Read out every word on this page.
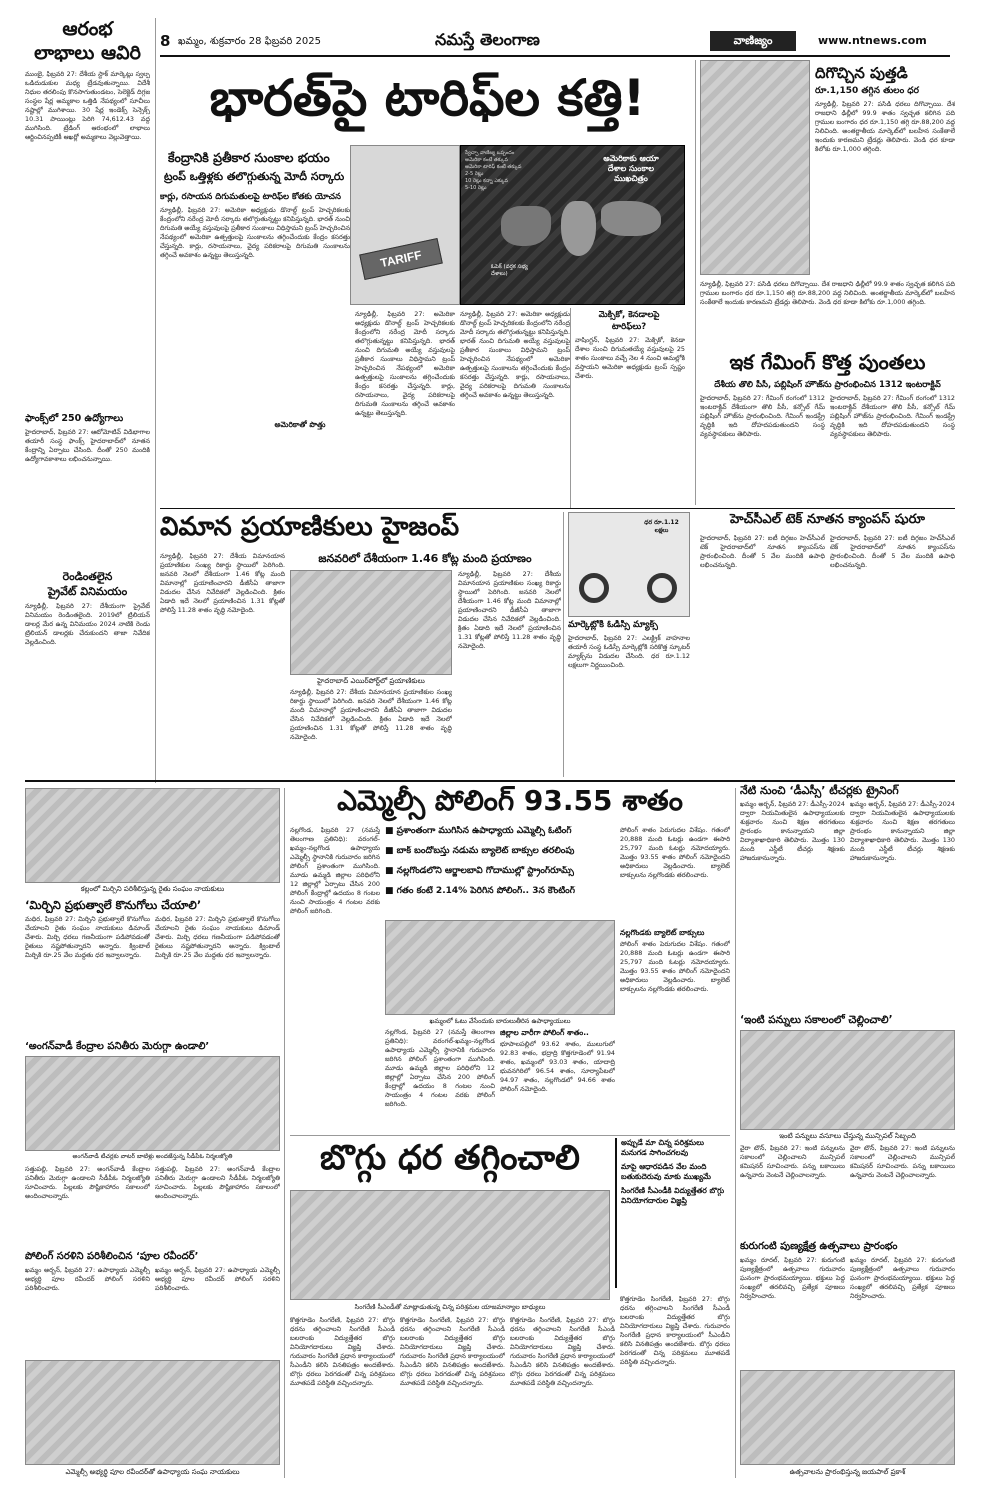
8 ఖమ్మం, శుక్రవారం 28 ఫిబ్రవరి 2025	నమస్తే తెలంగాణ	వాణిజ్యం	www.ntnews.com
ఆరంభ
లాభాలు ఆవిరి
ముంబై, ఫిబ్రవరి 27: దేశీయ స్టాక్ మార్కెట్లు స్వల్ప ఒడిదుడుకుల మధ్య ట్రేడవుతున్నాయి. విదేశీ నిధుల తరలింపు కొనసాగుతుండటం, సెలెక్టెడ్ దిగ్గజ సంస్థల షేర్ల అమ్మకాల ఒత్తిడి నేపథ్యంలో సూచీలు నష్టాల్లో ముగిశాయి. 30 షేర్ల ఇండెక్స్ సెన్సెక్స్ 10.31 పాయింట్లు పెరిగి 74,612.43 వద్ద ముగిసింది. ట్రేడింగ్ ఆరంభంలో లాభాలు ఆర్జించినప్పటికీ ఆఖర్లో అమ్మకాలు వెల్లువెత్తాయి.
ఫాంక్స్‌లో 250 ఉద్యోగాలు
హైదరాబాద్, ఫిబ్రవరి 27: ఆటోమోటివ్ విడిభాగాల తయారీ సంస్థ ఫాంక్స్ హైదరాబాద్‌లో నూతన కేంద్రాన్ని ఏర్పాటు చేసింది. దీంతో 250 మందికి ఉద్యోగావకాశాలు లభించనున్నాయి.
రెండింతలైన
ప్రైవేట్ వినిమయం
న్యూఢిల్లీ, ఫిబ్రవరి 27: దేశీయంగా ప్రైవేట్ వినిమయం రెండింతలైంది. 2019లో ట్రిలియన్ డాలర్ల మేర ఉన్న వినిమయం 2024 నాటికి రెండు ట్రిలియన్ డాలర్లకు చేరుకుందని తాజా నివేదిక వెల్లడించింది.
భారత్‌పై టారిఫ్‌ల కత్తి!
కేంద్రానికి ప్రతీకార సుంకాల భయం
ట్రంప్ ఒత్తిళ్లకు తలొగ్గుతున్న మోదీ సర్కారు
కార్లు, రసాయన దిగుమతులపై టారిఫ్‌ల కోతకు యోచన
న్యూఢిల్లీ, ఫిబ్రవరి 27: అమెరికా అధ్యక్షుడు డొనాల్డ్ ట్రంప్ హెచ్చరికలకు కేంద్రంలోని నరేంద్ర మోదీ సర్కారు తలొగ్గుతున్నట్టు కనిపిస్తున్నది. భారత్ నుంచి దిగుమతి అయ్యే వస్తువులపై ప్రతీకార సుంకాలు విధిస్తామని ట్రంప్ హెచ్చరించిన నేపథ్యంలో అమెరికా ఉత్పత్తులపై సుంకాలను తగ్గించేందుకు కేంద్రం కసరత్తు చేస్తున్నది. కార్లు, రసాయనాలు, వైద్య పరికరాలపై దిగుమతి సుంకాలను తగ్గించే అవకాశం ఉన్నట్టు తెలుస్తున్నది.	TARIFF
అమెరికాకు ఆయా
దేశాల సుంకాల
ముఖచిత్రం
స్వేచ్ఛా వాణిజ్య ఒప్పందం
అమెరికా కంటే తక్కువ
అమెరికా టారిఫ్ కంటే తక్కువ
2-5 రెట్లు
10 రెట్లు కన్నా ఎక్కువ
5-10 రెట్లు
ఓపెక్ (వర్తక సభ్య దేశాలు)
న్యూఢిల్లీ, ఫిబ్రవరి 27: అమెరికా అధ్యక్షుడు డొనాల్డ్ ట్రంప్ హెచ్చరికలకు కేంద్రంలోని నరేంద్ర మోదీ సర్కారు తలొగ్గుతున్నట్టు కనిపిస్తున్నది. భారత్ నుంచి దిగుమతి అయ్యే వస్తువులపై ప్రతీకార సుంకాలు విధిస్తామని ట్రంప్ హెచ్చరించిన నేపథ్యంలో అమెరికా ఉత్పత్తులపై సుంకాలను తగ్గించేందుకు కేంద్రం కసరత్తు చేస్తున్నది. కార్లు, రసాయనాలు, వైద్య పరికరాలపై దిగుమతి సుంకాలను తగ్గించే అవకాశం ఉన్నట్టు తెలుస్తున్నది.
న్యూఢిల్లీ, ఫిబ్రవరి 27: అమెరికా అధ్యక్షుడు డొనాల్డ్ ట్రంప్ హెచ్చరికలకు కేంద్రంలోని నరేంద్ర మోదీ సర్కారు తలొగ్గుతున్నట్టు కనిపిస్తున్నది. భారత్ నుంచి దిగుమతి అయ్యే వస్తువులపై ప్రతీకార సుంకాలు విధిస్తామని ట్రంప్ హెచ్చరించిన నేపథ్యంలో అమెరికా ఉత్పత్తులపై సుంకాలను తగ్గించేందుకు కేంద్రం కసరత్తు చేస్తున్నది. కార్లు, రసాయనాలు, వైద్య పరికరాలపై దిగుమతి సుంకాలను తగ్గించే అవకాశం ఉన్నట్టు తెలుస్తున్నది.
అమెరికాతో పొత్తు
మెక్సికో, కెనడాలపై
టారిఫ్‌లు?
వాషింగ్టన్, ఫిబ్రవరి 27: మెక్సికో, కెనడా దేశాల నుంచి దిగుమతయ్యే వస్తువులపై 25 శాతం సుంకాలు వచ్చే నెల 4 నుంచి అమల్లోకి వస్తాయని అమెరికా అధ్యక్షుడు ట్రంప్ స్పష్టం చేశారు.
దిగొచ్చిన పుత్తడి
రూ.1,150 తగ్గిన తులం ధర
న్యూఢిల్లీ, ఫిబ్రవరి 27: పసిడి ధరలు దిగొచ్చాయి. దేశ రాజధాని ఢిల్లీలో 99.9 శాతం స్వచ్ఛత కలిగిన పది గ్రాముల బంగారం ధర రూ.1,150 తగ్గి రూ.88,200 వద్ద నిలిచింది. అంతర్జాతీయ మార్కెట్‌లో బలహీన సంకేతాలే ఇందుకు కారణమని ట్రేడర్లు తెలిపారు. వెండి ధర కూడా కిలోకు రూ.1,000 తగ్గింది.
న్యూఢిల్లీ, ఫిబ్రవరి 27: పసిడి ధరలు దిగొచ్చాయి. దేశ రాజధాని ఢిల్లీలో 99.9 శాతం స్వచ్ఛత కలిగిన పది గ్రాముల బంగారం ధర రూ.1,150 తగ్గి రూ.88,200 వద్ద నిలిచింది. అంతర్జాతీయ మార్కెట్‌లో బలహీన సంకేతాలే ఇందుకు కారణమని ట్రేడర్లు తెలిపారు. వెండి ధర కూడా కిలోకు రూ.1,000 తగ్గింది.
ఇక గేమింగ్ కొత్త పుంతలు
దేశీయ తొలి పీసీ, పబ్లిషింగ్ హౌజ్‌ను ప్రారంభించిన 1312 ఇంటరాక్టివ్
హైదరాబాద్, ఫిబ్రవరి 27: గేమింగ్ రంగంలో 1312 ఇంటరాక్టివ్ దేశీయంగా తొలి పీసీ, కన్సోల్ గేమ్ పబ్లిషింగ్ హౌజ్‌ను ప్రారంభించింది. గేమింగ్ ఇండస్ట్రీ వృద్ధికి ఇది దోహదపడుతుందని సంస్థ వ్యవస్థాపకులు తెలిపారు.
హైదరాబాద్, ఫిబ్రవరి 27: గేమింగ్ రంగంలో 1312 ఇంటరాక్టివ్ దేశీయంగా తొలి పీసీ, కన్సోల్ గేమ్ పబ్లిషింగ్ హౌజ్‌ను ప్రారంభించింది. గేమింగ్ ఇండస్ట్రీ వృద్ధికి ఇది దోహదపడుతుందని సంస్థ వ్యవస్థాపకులు తెలిపారు.
విమాన ప్రయాణికులు హైజంప్
జనవరిలో దేశీయంగా 1.46 కోట్ల మంది ప్రయాణం
న్యూఢిల్లీ, ఫిబ్రవరి 27: దేశీయ విమానయాన ప్రయాణికుల సంఖ్య రికార్డు స్థాయిలో పెరిగింది. జనవరి నెలలో దేశీయంగా 1.46 కోట్ల మంది విమానాల్లో ప్రయాణించారని డీజీసీఏ తాజాగా విడుదల చేసిన నివేదికలో వెల్లడించింది. క్రితం ఏడాది ఇదే నెలలో ప్రయాణించిన 1.31 కోట్లతో పోలిస్తే 11.28 శాతం వృద్ధి నమోదైంది.
హైదరాబాద్ ఎయిర్‌పోర్ట్‌లో ప్రయాణికులు
న్యూఢిల్లీ, ఫిబ్రవరి 27: దేశీయ విమానయాన ప్రయాణికుల సంఖ్య రికార్డు స్థాయిలో పెరిగింది. జనవరి నెలలో దేశీయంగా 1.46 కోట్ల మంది విమానాల్లో ప్రయాణించారని డీజీసీఏ తాజాగా విడుదల చేసిన నివేదికలో వెల్లడించింది. క్రితం ఏడాది ఇదే నెలలో ప్రయాణించిన 1.31 కోట్లతో పోలిస్తే 11.28 శాతం వృద్ధి నమోదైంది.
న్యూఢిల్లీ, ఫిబ్రవరి 27: దేశీయ విమానయాన ప్రయాణికుల సంఖ్య రికార్డు స్థాయిలో పెరిగింది. జనవరి నెలలో దేశీయంగా 1.46 కోట్ల మంది విమానాల్లో ప్రయాణించారని డీజీసీఏ తాజాగా విడుదల చేసిన నివేదికలో వెల్లడించింది. క్రితం ఏడాది ఇదే నెలలో ప్రయాణించిన 1.31 కోట్లతో పోలిస్తే 11.28 శాతం వృద్ధి నమోదైంది.
ధర రూ.1.12 లక్షలు
మార్కెట్లోకి ఓడిస్సీ మ్యాక్స్
హైదరాబాద్, ఫిబ్రవరి 27: ఎలక్ట్రిక్ వాహనాల తయారీ సంస్థ ఓడిస్సీ మార్కెట్లోకి సరికొత్త స్కూటర్ మ్యాక్స్‌ను విడుదల చేసింది. ధర రూ.1.12 లక్షలుగా నిర్ణయించింది.
హెచ్‌సీఎల్ టెక్ నూతన క్యాంపస్ షురూ
హైదరాబాద్, ఫిబ్రవరి 27: ఐటీ దిగ్గజం హెచ్‌సీఎల్ టెక్ హైదరాబాద్‌లో నూతన క్యాంపస్‌ను ప్రారంభించింది. దీంతో 5 వేల మందికి ఉపాధి లభించనున్నది.
హైదరాబాద్, ఫిబ్రవరి 27: ఐటీ దిగ్గజం హెచ్‌సీఎల్ టెక్ హైదరాబాద్‌లో నూతన క్యాంపస్‌ను ప్రారంభించింది. దీంతో 5 వేల మందికి ఉపాధి లభించనున్నది.
కల్లంలో మిర్చిని పరిశీలిస్తున్న రైతు సంఘం నాయకులు
‘మిర్చిని ప్రభుత్వాలే కొనుగోలు చేయాలి’
మధిర, ఫిబ్రవరి 27: మిర్చిని ప్రభుత్వాలే కొనుగోలు చేయాలని రైతు సంఘం నాయకులు డిమాండ్ చేశారు. మిర్చి ధరలు గణనీయంగా పడిపోవడంతో రైతులు నష్టపోతున్నారని అన్నారు. క్వింటాల్ మిర్చికి రూ.25 వేల మద్దతు ధర ఇవ్వాలన్నారు.
మధిర, ఫిబ్రవరి 27: మిర్చిని ప్రభుత్వాలే కొనుగోలు చేయాలని రైతు సంఘం నాయకులు డిమాండ్ చేశారు. మిర్చి ధరలు గణనీయంగా పడిపోవడంతో రైతులు నష్టపోతున్నారని అన్నారు. క్వింటాల్ మిర్చికి రూ.25 వేల మద్దతు ధర ఇవ్వాలన్నారు.
‘అంగన్‌వాడీ కేంద్రాల పనితీరు మెరుగ్గా ఉండాలి’
అంగన్‌వాడీ టీచర్లకు వాటర్ బాటిళ్లు అందజేస్తున్న సీడీపీఓ నిర్మలజ్యోతి
సత్తుపల్లి, ఫిబ్రవరి 27: అంగన్‌వాడీ కేంద్రాల పనితీరు మెరుగ్గా ఉండాలని సీడీపీఓ నిర్మలజ్యోతి సూచించారు. పిల్లలకు పౌష్టికాహారం సకాలంలో అందించాలన్నారు.
సత్తుపల్లి, ఫిబ్రవరి 27: అంగన్‌వాడీ కేంద్రాల పనితీరు మెరుగ్గా ఉండాలని సీడీపీఓ నిర్మలజ్యోతి సూచించారు. పిల్లలకు పౌష్టికాహారం సకాలంలో అందించాలన్నారు.
పోలింగ్ సరళిని పరిశీలించిన ‘పూల రవీందర్’
ఖమ్మం అర్బన్, ఫిబ్రవరి 27: ఉపాధ్యాయ ఎమ్మెల్సీ అభ్యర్థి పూల రవీందర్ పోలింగ్ సరళిని పరిశీలించారు.
ఖమ్మం అర్బన్, ఫిబ్రవరి 27: ఉపాధ్యాయ ఎమ్మెల్సీ అభ్యర్థి పూల రవీందర్ పోలింగ్ సరళిని పరిశీలించారు.
ఎమ్మెల్సీ అభ్యర్థి పూల రవీందర్‌తో ఉపాధ్యాయ సంఘ నాయకులు
ఎమ్మెల్సీ పోలింగ్ 93.55 శాతం
నల్లగొండ, ఫిబ్రవరి 27 (నమస్తే తెలంగాణ ప్రతినిధి): వరంగల్-ఖమ్మం-నల్లగొండ ఉపాధ్యాయ ఎమ్మెల్సీ స్థానానికి గురువారం జరిగిన పోలింగ్ ప్రశాంతంగా ముగిసింది. మూడు ఉమ్మడి జిల్లాల పరిధిలోని 12 జిల్లాల్లో ఏర్పాటు చేసిన 200 పోలింగ్ కేంద్రాల్లో ఉదయం 8 గంటల నుంచి సాయంత్రం 4 గంటల వరకు పోలింగ్ జరిగింది.
■ ప్రశాంతంగా ముగిసిన ఉపాధ్యాయ ఎమ్మెల్సీ ఓటింగ్
■ బాక్ బందోబస్తు నడుమ బ్యాలెట్ బాక్సుల తరలింపు
■ నల్లగొండలోని ఆర్జాలబావి గోదాముల్లో స్ట్రాంగ్‌రూమ్స్
■ గతం కంటే 2.14% పెరిగిన పోలింగ్.. 3న కౌంటింగ్
ఖమ్మంలో ఓటు వేసేందుకు బారులుతీరిన ఉపాధ్యాయులు
పోలింగ్ శాతం పెరుగుదల విశేషం. గతంలో 20,888 మంది ఓటర్లు ఉండగా ఈసారి 25,797 మంది ఓటర్లు నమోదయ్యారు. మొత్తం 93.55 శాతం పోలింగ్ నమోదైందని అధికారులు వెల్లడించారు. బ్యాలెట్ బాక్సులను నల్లగొండకు తరలించారు.
నల్లగొండకు బ్యాలెట్ బాక్సులు
పోలింగ్ శాతం పెరుగుదల విశేషం. గతంలో 20,888 మంది ఓటర్లు ఉండగా ఈసారి 25,797 మంది ఓటర్లు నమోదయ్యారు. మొత్తం 93.55 శాతం పోలింగ్ నమోదైందని అధికారులు వెల్లడించారు. బ్యాలెట్ బాక్సులను నల్లగొండకు తరలించారు.
నల్లగొండ, ఫిబ్రవరి 27 (నమస్తే తెలంగాణ ప్రతినిధి): వరంగల్-ఖమ్మం-నల్లగొండ ఉపాధ్యాయ ఎమ్మెల్సీ స్థానానికి గురువారం జరిగిన పోలింగ్ ప్రశాంతంగా ముగిసింది. మూడు ఉమ్మడి జిల్లాల పరిధిలోని 12 జిల్లాల్లో ఏర్పాటు చేసిన 200 పోలింగ్ కేంద్రాల్లో ఉదయం 8 గంటల నుంచి సాయంత్రం 4 గంటల వరకు పోలింగ్ జరిగింది.
జిల్లాల వారీగా పోలింగ్ శాతం..
భూపాలపల్లిలో 93.62 శాతం, ములుగులో 92.83 శాతం, భద్రాద్రి కొత్తగూడెంలో 91.94 శాతం, ఖమ్మంలో 93.03 శాతం, యాదాద్రి భువనగిరిలో 96.54 శాతం, సూర్యాపేటలో 94.97 శాతం, నల్లగొండలో 94.66 శాతం పోలింగ్ నమోదైంది.
బొగ్గు ధర తగ్గించాలి	అప్పుడే మా చిన్న పరిశ్రమలు మనుగడ సాగించగలవు
మాపై ఆధారపడిన వేల మంది బతుకుదెరువు మాకు ముఖ్యమే
సింగరేణి సీఎండీకి విద్యుత్తేతర బొగ్గు వినియోగదారుల విజ్ఞప్తి
సింగరేణి సీఎండీతో మాట్లాడుతున్న చిన్న పరిశ్రమల యాజమాన్యాల బాధ్యులు
కొత్తగూడెం సింగరేణి, ఫిబ్రవరి 27: బొగ్గు ధరను తగ్గించాలని సింగరేణి సీఎండీ బలరాంకు విద్యుత్తేతర బొగ్గు వినియోగదారులు విజ్ఞప్తి చేశారు. గురువారం సింగరేణి ప్రధాన కార్యాలయంలో సీఎండీని కలిసి వినతిపత్రం అందజేశారు. బొగ్గు ధరలు పెరగడంతో చిన్న పరిశ్రమలు మూతపడే పరిస్థితి వచ్చిందన్నారు.
కొత్తగూడెం సింగరేణి, ఫిబ్రవరి 27: బొగ్గు ధరను తగ్గించాలని సింగరేణి సీఎండీ బలరాంకు విద్యుత్తేతర బొగ్గు వినియోగదారులు విజ్ఞప్తి చేశారు. గురువారం సింగరేణి ప్రధాన కార్యాలయంలో సీఎండీని కలిసి వినతిపత్రం అందజేశారు. బొగ్గు ధరలు పెరగడంతో చిన్న పరిశ్రమలు మూతపడే పరిస్థితి వచ్చిందన్నారు.
కొత్తగూడెం సింగరేణి, ఫిబ్రవరి 27: బొగ్గు ధరను తగ్గించాలని సింగరేణి సీఎండీ బలరాంకు విద్యుత్తేతర బొగ్గు వినియోగదారులు విజ్ఞప్తి చేశారు. గురువారం సింగరేణి ప్రధాన కార్యాలయంలో సీఎండీని కలిసి వినతిపత్రం అందజేశారు. బొగ్గు ధరలు పెరగడంతో చిన్న పరిశ్రమలు మూతపడే పరిస్థితి వచ్చిందన్నారు.
కొత్తగూడెం సింగరేణి, ఫిబ్రవరి 27: బొగ్గు ధరను తగ్గించాలని సింగరేణి సీఎండీ బలరాంకు విద్యుత్తేతర బొగ్గు వినియోగదారులు విజ్ఞప్తి చేశారు. గురువారం సింగరేణి ప్రధాన కార్యాలయంలో సీఎండీని కలిసి వినతిపత్రం అందజేశారు. బొగ్గు ధరలు పెరగడంతో చిన్న పరిశ్రమలు మూతపడే పరిస్థితి వచ్చిందన్నారు.
నేటి నుంచి ‘డీఎస్సీ’ టీచర్లకు ట్రైనింగ్
ఖమ్మం అర్బన్, ఫిబ్రవరి 27: డీఎస్సీ-2024 ద్వారా నియమితులైన ఉపాధ్యాయులకు శుక్రవారం నుంచి శిక్షణ తరగతులు ప్రారంభం కానున్నాయని జిల్లా విద్యాశాఖాధికారి తెలిపారు. మొత్తం 130 మంది ఎస్జీటీ టీచర్లు శిక్షణకు హాజరుకానున్నారు.
ఖమ్మం అర్బన్, ఫిబ్రవరి 27: డీఎస్సీ-2024 ద్వారా నియమితులైన ఉపాధ్యాయులకు శుక్రవారం నుంచి శిక్షణ తరగతులు ప్రారంభం కానున్నాయని జిల్లా విద్యాశాఖాధికారి తెలిపారు. మొత్తం 130 మంది ఎస్జీటీ టీచర్లు శిక్షణకు హాజరుకానున్నారు.
‘ఇంటి పన్నులు సకాలంలో చెల్లించాలి’
ఇంటి పన్నులు వసూలు చేస్తున్న మున్సిపల్ సిబ్బంది
వైరా టౌన్, ఫిబ్రవరి 27: ఇంటి పన్నులను సకాలంలో చెల్లించాలని మున్సిపల్ కమిషనర్ సూచించారు. పన్ను బకాయిలు ఉన్నవారు వెంటనే చెల్లించాలన్నారు.
వైరా టౌన్, ఫిబ్రవరి 27: ఇంటి పన్నులను సకాలంలో చెల్లించాలని మున్సిపల్ కమిషనర్ సూచించారు. పన్ను బకాయిలు ఉన్నవారు వెంటనే చెల్లించాలన్నారు.
కురుగంటి పుణ్యక్షేత్ర ఉత్సవాలు ప్రారంభం
ఖమ్మం రూరల్, ఫిబ్రవరి 27: కురుగంటి పుణ్యక్షేత్రంలో ఉత్సవాలు గురువారం ఘనంగా ప్రారంభమయ్యాయి. భక్తులు పెద్ద సంఖ్యలో తరలివచ్చి ప్రత్యేక పూజలు నిర్వహించారు.
ఖమ్మం రూరల్, ఫిబ్రవరి 27: కురుగంటి పుణ్యక్షేత్రంలో ఉత్సవాలు గురువారం ఘనంగా ప్రారంభమయ్యాయి. భక్తులు పెద్ద సంఖ్యలో తరలివచ్చి ప్రత్యేక పూజలు నిర్వహించారు.
ఉత్సవాలను ప్రారంభిస్తున్న జయపాల్ ప్రకాశ్
